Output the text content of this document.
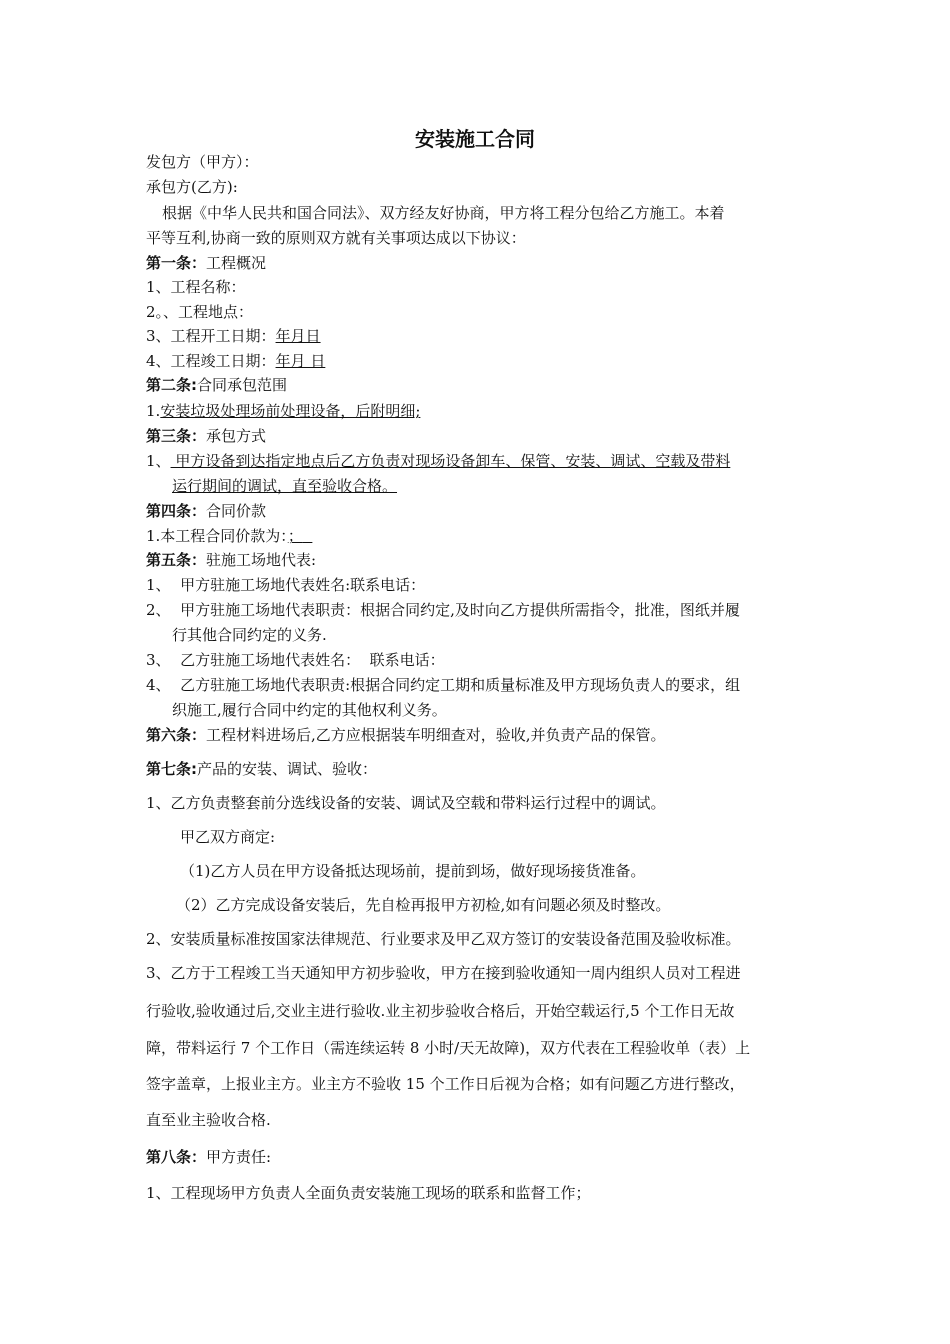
安装施工合同
发包方（甲方）：
承包方(乙方):
根据《中华人民共和国合同法》、双方经友好协商，甲方将工程分包给乙方施工。本着
平等互利,协商一致的原则双方就有关事项达成以下协议：
第一条：工程概况
1、工程名称：
2。、工程地点：
3、工程开工日期：年月日
4、工程竣工日期：年月 日
第二条:合同承包范围
1.安装垃圾处理场前处理设备，后附明细;
第三条：承包方式
1、 甲方设备到达指定地点后乙方负责对现场设备卸车、保管、安装、调试、空载及带料
运行期间的调试，直至验收合格。
第四条：合同价款
1.本工程合同价款为：；
第五条：驻施工场地代表:
1、  甲方驻施工场地代表姓名:联系电话：
2、  甲方驻施工场地代表职责：根据合同约定,及时向乙方提供所需指令，批准，图纸并履
行其他合同约定的义务.
3、  乙方驻施工场地代表姓名：  联系电话：
4、  乙方驻施工场地代表职责:根据合同约定工期和质量标准及甲方现场负责人的要求，组
织施工,履行合同中约定的其他权利义务。
第六条：工程材料进场后,乙方应根据装车明细查对，验收,并负责产品的保管。
第七条:产品的安装、调试、验收：
1、乙方负责整套前分选线设备的安装、调试及空载和带料运行过程中的调试。
甲乙双方商定:
（1)乙方人员在甲方设备抵达现场前，提前到场，做好现场接货准备。
（2）乙方完成设备安装后，先自检再报甲方初检,如有问题必须及时整改。
2、安装质量标准按国家法律规范、行业要求及甲乙双方签订的安装设备范围及验收标准。
3、乙方于工程竣工当天通知甲方初步验收，甲方在接到验收通知一周内组织人员对工程进
行验收,验收通过后,交业主进行验收.业主初步验收合格后，开始空载运行,5 个工作日无故
障，带料运行 7 个工作日（需连续运转 8 小时/天无故障)，双方代表在工程验收单（表）上
签字盖章，上报业主方。业主方不验收 15 个工作日后视为合格；如有问题乙方进行整改，
直至业主验收合格.
第八条：甲方责任:
1、工程现场甲方负责人全面负责安装施工现场的联系和监督工作；
